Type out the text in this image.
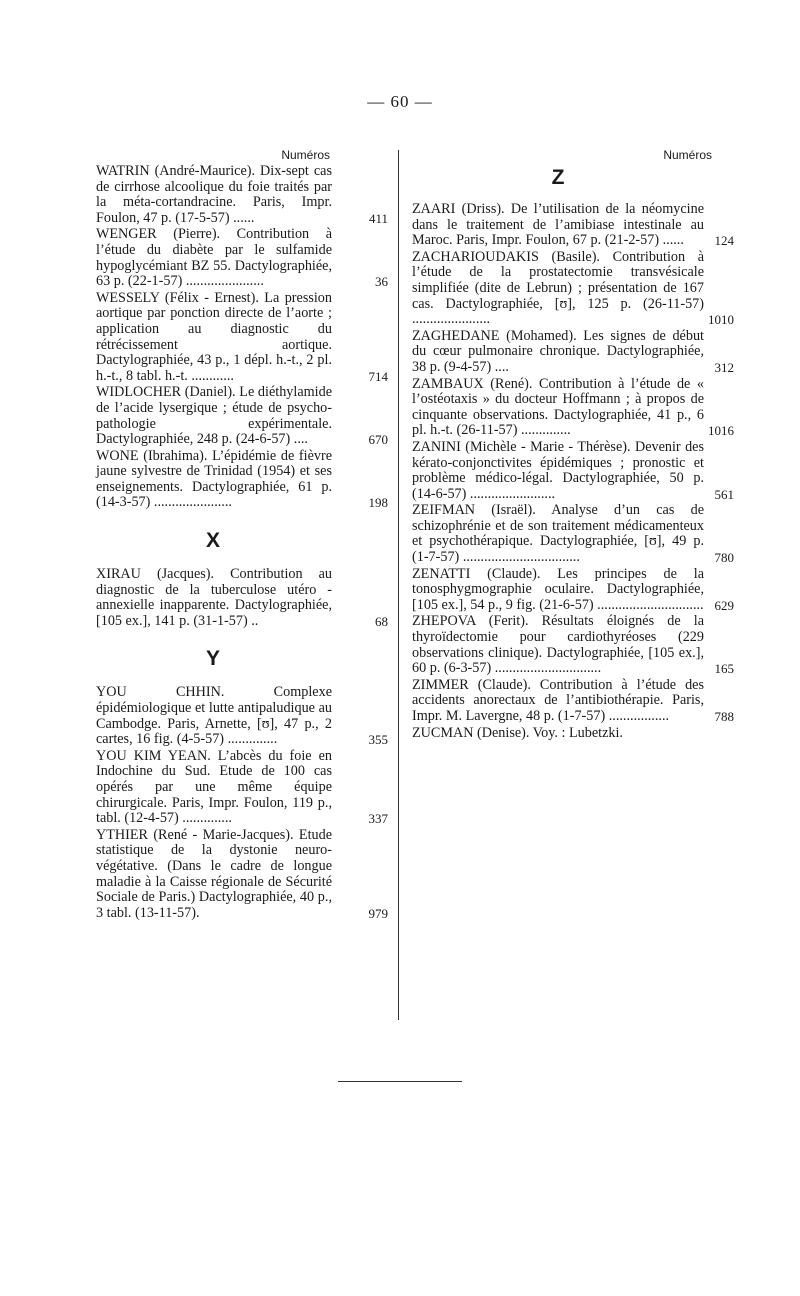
— 60 —
Numéros
WATRIN (André-Maurice). Dix-sept cas de cirrhose alcoolique du foie traités par la méta-cortandracine. Paris, Impr. Foulon, 47 p. (17-5-57) ......	411
WENGER (Pierre). Contribution à l’étude du diabète par le sulfamide hypoglycémiant BZ 55. Dactylographiée, 63 p. (22-1-57) ......................	36
WESSELY (Félix - Ernest). La pression aortique par ponction directe de l’aorte ; application au diagnostic du rétrécissement aortique. Dactylographiée, 43 p., 1 dépl. h.-t., 2 pl. h.-t., 8 tabl. h.-t. ............	714
WIDLOCHER (Daniel). Le diéthylamide de l’acide lysergique ; étude de psycho-pathologie expérimentale. Dactylographiée, 248 p. (24-6-57) ....	670
WONE (Ibrahima). L’épidémie de fièvre jaune sylvestre de Trinidad (1954) et ses enseignements. Dactylographiée, 61 p. (14-3-57) ......................	198
X
XIRAU (Jacques). Contribution au diagnostic de la tuberculose utéro - annexielle inapparente. Dactylographiée, [105 ex.], 141 p. (31-1-57) ..	68
Y
YOU CHHIN. Complexe épidémiologique et lutte antipaludique au Cambodge. Paris, Arnette, [ʊ], 47 p., 2 cartes, 16 fig. (4-5-57) ..............	355
YOU KIM YEAN. L’abcès du foie en Indochine du Sud. Etude de 100 cas opérés par une même équipe chirurgicale. Paris, Impr. Foulon, 119 p., tabl. (12-4-57) ..............	337
YTHIER (René - Marie-Jacques). Etude statistique de la dystonie neuro-végétative. (Dans le cadre de longue maladie à la Caisse régionale de Sécurité Sociale de Paris.) Dactylographiée, 40 p., 3 tabl. (13-11-57).	979
Numéros
Z
ZAARI (Driss). De l’utilisation de la néomycine dans le traitement de l’amibiase intestinale au Maroc. Paris, Impr. Foulon, 67 p. (21-2-57) ......	124
ZACHARIOUDAKIS (Basile). Contribution à l’étude de la prostatectomie transvésicale simplifiée (dite de Lebrun) ; présentation de 167 cas. Dactylographiée, [ʊ], 125 p. (26-11-57) ......................	1010
ZAGHEDANE (Mohamed). Les signes de début du cœur pulmonaire chronique. Dactylographiée, 38 p. (9-4-57) ....	312
ZAMBAUX (René). Contribution à l’étude de « l’ostéotaxis » du docteur Hoffmann ; à propos de cinquante observations. Dactylographiée, 41 p., 6 pl. h.-t. (26-11-57) ..............	1016
ZANINI (Michèle - Marie - Thérèse). Devenir des kérato-conjonctivites épidémiques ; pronostic et problème médico-légal. Dactylographiée, 50 p. (14-6-57) ........................	561
ZEIFMAN (Israël). Analyse d’un cas de schizophrénie et de son traitement médicamenteux et psychothérapique. Dactylographiée, [ʊ], 49 p. (1-7-57) .................................	780
ZENATTI (Claude). Les principes de la tonosphygmographie oculaire. Dactylographiée, [105 ex.], 54 p., 9 fig. (21-6-57) .............................. 629
ZHEPOVA (Ferit). Résultats éloignés de la thyroïdectomie pour cardiothyréoses (229 observations clinique). Dactylographiée, [105 ex.], 60 p. (6-3-57) ..............................	165
ZIMMER (Claude). Contribution à l’étude des accidents anorectaux de l’antibiothérapie. Paris, Impr. M. Lavergne, 48 p. (1-7-57) .................	788
ZUCMAN (Denise). Voy. : Lubetzki.
